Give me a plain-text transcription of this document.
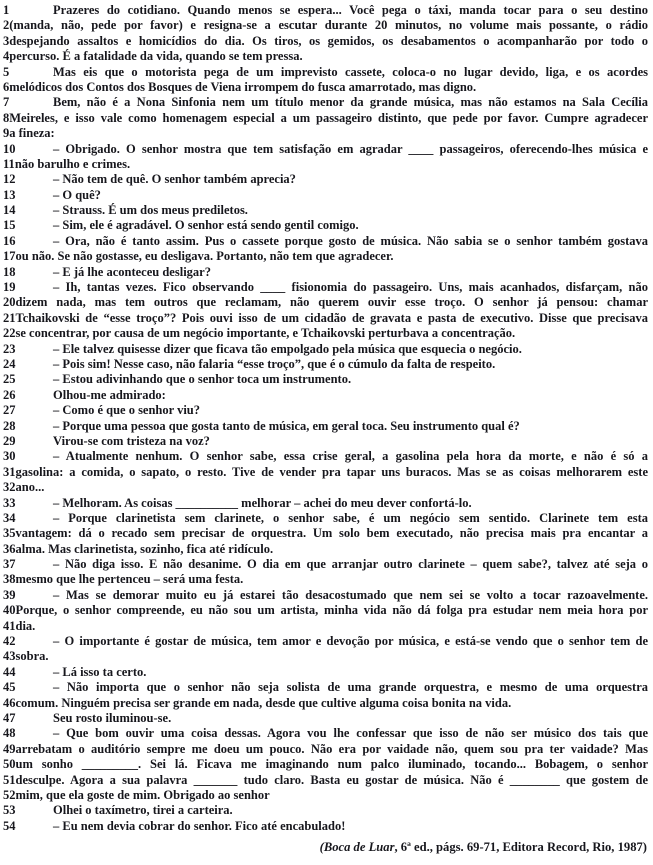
1	Prazeres do cotidiano. Quando menos se espera... Você pega o táxi, manda tocar para o seu destino
2(manda, não, pede por favor) e resigna-se a escutar durante 20 minutos, no volume mais possante, o rádio
3despejando assaltos e homicídios do dia. Os tiros, os gemidos, os desabamentos o acompanharão por todo o
4percurso. É a fatalidade da vida, quando se tem pressa.
5	Mas eis que o motorista pega de um imprevisto cassete, coloca-o no lugar devido, liga, e os acordes
6melódicos dos Contos dos Bosques de Viena irrompem do fusca amarrotado, mas digno.
7	Bem, não é a Nona Sinfonia nem um título menor da grande música, mas não estamos na Sala Cecília
8Meireles, e isso vale como homenagem especial a um passageiro distinto, que pede por favor. Cumpre agradecer
9a fineza:
10	– Obrigado. O senhor mostra que tem satisfação em agradar ____ passageiros, oferecendo-lhes música e
11não barulho e crimes.
12	– Não tem de quê. O senhor também aprecia?
13	– O quê?
14	– Strauss. É um dos meus prediletos.
15	– Sim, ele é agradável. O senhor está sendo gentil comigo.
16	– Ora, não é tanto assim. Pus o cassete porque gosto de música. Não sabia se o senhor também gostava
17ou não. Se não gostasse, eu desligava. Portanto, não tem que agradecer.
18	– E já lhe aconteceu desligar?
19	– Ih, tantas vezes. Fico observando ____ fisionomia do passageiro. Uns, mais acanhados, disfarçam, não
20dizem nada, mas tem outros que reclamam, não querem ouvir esse troço. O senhor já pensou: chamar
21Tchaikovski de “esse troço”? Pois ouvi isso de um cidadão de gravata e pasta de executivo. Disse que precisava
22se concentrar, por causa de um negócio importante, e Tchaikovski perturbava a concentração.
23	– Ele talvez quisesse dizer que ficava tão empolgado pela música que esquecia o negócio.
24	– Pois sim! Nesse caso, não falaria “esse troço”, que é o cúmulo da falta de respeito.
25	– Estou adivinhando que o senhor toca um instrumento.
26	Olhou-me admirado:
27	– Como é que o senhor viu?
28	– Porque uma pessoa que gosta tanto de música, em geral toca. Seu instrumento qual é?
29	Virou-se com tristeza na voz?
30	– Atualmente nenhum. O senhor sabe, essa crise geral, a gasolina pela hora da morte, e não é só a
31gasolina: a comida, o sapato, o resto. Tive de vender pra tapar uns buracos. Mas se as coisas melhorarem este
32ano...
33	– Melhoram. As coisas __________ melhorar – achei do meu dever confortá-lo.
34	– Porque clarinetista sem clarinete, o senhor sabe, é um negócio sem sentido. Clarinete tem esta
35vantagem: dá o recado sem precisar de orquestra. Um solo bem executado, não precisa mais pra encantar a
36alma. Mas clarinetista, sozinho, fica até ridículo.
37	– Não diga isso. E não desanime. O dia em que arranjar outro clarinete – quem sabe?, talvez até seja o
38mesmo que lhe pertenceu – será uma festa.
39	– Mas se demorar muito eu já estarei tão desacostumado que nem sei se volto a tocar razoavelmente.
40Porque, o senhor compreende, eu não sou um artista, minha vida não dá folga pra estudar nem meia hora por
41dia.
42	– O importante é gostar de música, tem amor e devoção por música, e está-se vendo que o senhor tem de
43sobra.
44	– Lá isso ta certo.
45	– Não importa que o senhor não seja solista de uma grande orquestra, e mesmo de uma orquestra
46comum. Ninguém precisa ser grande em nada, desde que cultive alguma coisa bonita na vida.
47	Seu rosto iluminou-se.
48	– Que bom ouvir uma coisa dessas. Agora vou lhe confessar que isso de não ser músico dos tais que
49arrebatam o auditório sempre me doeu um pouco. Não era por vaidade não, quem sou pra ter vaidade? Mas
50um sonho _________. Sei lá. Ficava me imaginando num palco iluminado, tocando... Bobagem, o senhor
51desculpe. Agora a sua palavra _______ tudo claro. Basta eu gostar de música. Não é ________ que gostem de
52mim, que ela goste de mim. Obrigado ao senhor
53	Olhei o taxímetro, tirei a carteira.
54	– Eu nem devia cobrar do senhor. Fico até encabulado!
(Boca de Luar, 6ª ed., págs. 69-71, Editora Record, Rio, 1987)
